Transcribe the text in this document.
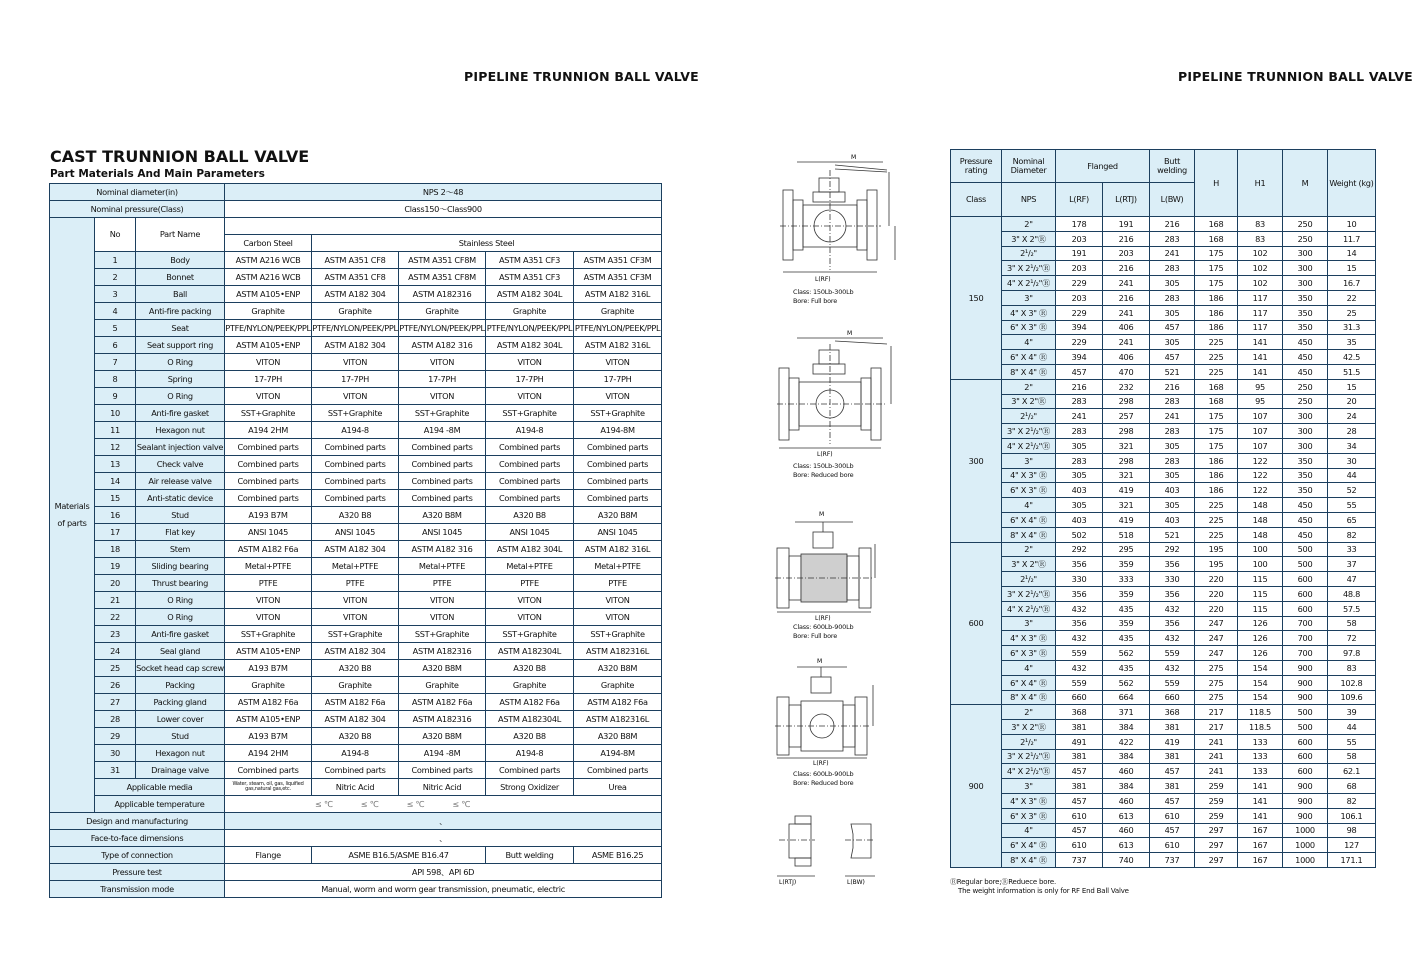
PIPELINE TRUNNION BALL VALVE	PIPELINE TRUNNION BALL VALVE
CAST TRUNNION BALL VALVE
Part Materials And Main Parameters
Nominal diameter(in)			NPS 2〜48				
Nominal pressure(Class)			Class150〜Class900				
Materials of parts	No	Part Name					
			Carbon Steel	Stainless Steel			
	1	Body	ASTM A216 WCB	ASTM A351 CF8	ASTM A351 CF8M	ASTM A351 CF3	ASTM A351 CF3M
	2	Bonnet	ASTM A216 WCB	ASTM A351 CF8	ASTM A351 CF8M	ASTM A351 CF3	ASTM A351 CF3M
	3	Ball	ASTM A105•ENP	ASTM A182 304	ASTM A182316	ASTM A182 304L	ASTM A182 316L
	4	Anti-fire packing	Graphite	Graphite	Graphite	Graphite	Graphite
	5	Seat	PTFE/NYLON/PEEK/PPL	PTFE/NYLON/PEEK/PPL	PTFE/NYLON/PEEK/PPL	PTFE/NYLON/PEEK/PPL	PTFE/NYLON/PEEK/PPL
	6	Seat support ring	ASTM A105•ENP	ASTM A182 304	ASTM A182 316	ASTM A182 304L	ASTM A182 316L
	7	O Ring	VITON	VITON	VITON	VITON	VITON
	8	Spring	17-7PH	17-7PH	17-7PH	17-7PH	17-7PH
	9	O Ring	VITON	VITON	VITON	VITON	VITON
	10	Anti-fire gasket	SST+Graphite	SST+Graphite	SST+Graphite	SST+Graphite	SST+Graphite
	11	Hexagon nut	A194 2HM	A194-8	A194 -8M	A194-8	A194-8M
	12	Sealant injection valve	Combined parts	Combined parts	Combined parts	Combined parts	Combined parts
	13	Check valve	Combined parts	Combined parts	Combined parts	Combined parts	Combined parts
	14	Air release valve	Combined parts	Combined parts	Combined parts	Combined parts	Combined parts
	15	Anti-static device	Combined parts	Combined parts	Combined parts	Combined parts	Combined parts
	16	Stud	A193 B7M	A320 B8	A320 B8M	A320 B8	A320 B8M
	17	Flat key	ANSI 1045	ANSI 1045	ANSI 1045	ANSI 1045	ANSI 1045
	18	Stem	ASTM A182 F6a	ASTM A182 304	ASTM A182 316	ASTM A182 304L	ASTM A182 316L
	19	Sliding bearing	Metal+PTFE	Metal+PTFE	Metal+PTFE	Metal+PTFE	Metal+PTFE
	20	Thrust bearing	PTFE	PTFE	PTFE	PTFE	PTFE
	21	O Ring	VITON	VITON	VITON	VITON	VITON
	22	O Ring	VITON	VITON	VITON	VITON	VITON
	23	Anti-fire gasket	SST+Graphite	SST+Graphite	SST+Graphite	SST+Graphite	SST+Graphite
	24	Seal gland	ASTM A105•ENP	ASTM A182 304	ASTM A182316	ASTM A182304L	ASTM A182316L
	25	Socket head cap screw	A193 B7M	A320 B8	A320 B8M	A320 B8	A320 B8M
	26	Packing	Graphite	Graphite	Graphite	Graphite	Graphite
	27	Packing gland	ASTM A182 F6a	ASTM A182 F6a	ASTM A182 F6a	ASTM A182 F6a	ASTM A182 F6a
	28	Lower cover	ASTM A105•ENP	ASTM A182 304	ASTM A182316	ASTM A182304L	ASTM A182316L
	29	Stud	A193 B7M	A320 B8	A320 B8M	A320 B8	A320 B8M
	30	Hexagon nut	A194 2HM	A194-8	A194 -8M	A194-8	A194-8M
	31	Drainage valve	Combined parts	Combined parts	Combined parts	Combined parts	Combined parts
	Applicable media		Water, steam, oil, gas, liquified gas,natural gas,etc.	Nitric Acid	Nitric Acid	Strong Oxidizer	Urea
	Applicable temperature		≤ ℃ ≤ ℃ ≤ ℃ ≤ ℃				
Design and manufacturing			、				
Face-to-face dimensions			、				
Type of connection			Flange	ASME B16.5/ASME B16.47		Butt welding	ASME B16.25
Pressure test			API 598、API 6D				
Transmission mode			Manual, worm and worm gear transmission, pneumatic, electric				
Pressure rating	Nominal Diameter	Flanged		Butt welding	H	H1	M	Weight (kg)
Class	NPS	L(RF)	L(RTJ)	L(BW)				
150	2"	178	191	216	168	83	250	10
	3" X 2"Ⓡ	203	216	283	168	83	250	11.7
	2¹/₂"	191	203	241	175	102	300	14
	3" X 2¹/₂"Ⓡ	203	216	283	175	102	300	15
	4" X 2¹/₂"Ⓡ	229	241	305	175	102	300	16.7
	3"	203	216	283	186	117	350	22
	4" X 3" Ⓡ	229	241	305	186	117	350	25
	6" X 3" Ⓡ	394	406	457	186	117	350	31.3
	4"	229	241	305	225	141	450	35
	6" X 4" Ⓡ	394	406	457	225	141	450	42.5
	8" X 4" Ⓡ	457	470	521	225	141	450	51.5
300	2"	216	232	216	168	95	250	15
	3" X 2"Ⓡ	283	298	283	168	95	250	20
	2¹/₂"	241	257	241	175	107	300	24
	3" X 2¹/₂"Ⓡ	283	298	283	175	107	300	28
	4" X 2¹/₂"Ⓡ	305	321	305	175	107	300	34
	3"	283	298	283	186	122	350	30
	4" X 3" Ⓡ	305	321	305	186	122	350	44
	6" X 3" Ⓡ	403	419	403	186	122	350	52
	4"	305	321	305	225	148	450	55
	6" X 4" Ⓡ	403	419	403	225	148	450	65
	8" X 4" Ⓡ	502	518	521	225	148	450	82
600	2"	292	295	292	195	100	500	33
	3" X 2"Ⓡ	356	359	356	195	100	500	37
	2¹/₂"	330	333	330	220	115	600	47
	3" X 2¹/₂"Ⓡ	356	359	356	220	115	600	48.8
	4" X 2¹/₂"Ⓡ	432	435	432	220	115	600	57.5
	3"	356	359	356	247	126	700	58
	4" X 3" Ⓡ	432	435	432	247	126	700	72
	6" X 3" Ⓡ	559	562	559	247	126	700	97.8
	4"	432	435	432	275	154	900	83
	6" X 4" Ⓡ	559	562	559	275	154	900	102.8
	8" X 4" Ⓡ	660	664	660	275	154	900	109.6
900	2"	368	371	368	217	118.5	500	39
	3" X 2"Ⓡ	381	384	381	217	118.5	500	44
	2¹/₂"	491	422	419	241	133	600	55
	3" X 2¹/₂"Ⓡ	381	384	381	241	133	600	58
	4" X 2¹/₂"Ⓡ	457	460	457	241	133	600	62.1
	3"	381	384	381	259	141	900	68
	4" X 3" Ⓡ	457	460	457	259	141	900	82
	6" X 3" Ⓡ	610	613	610	259	141	900	106.1
	4"	457	460	457	297	167	1000	98
	6" X 4" Ⓡ	610	613	610	297	167	1000	127
	8" X 4" Ⓡ	737	740	737	297	167	1000	171.1
ⓇRegular bore;ⓇReduece bore.
The weight information is only for RF End Ball Valve
M
L(RF)
Class: 150Lb-300Lb
Bore: Full bore
M
L(RF)
Class: 150Lb-300Lb
Bore: Reduced bore
M
L(RF)
Class: 600Lb-900Lb
Bore: Full bore
M
L(RF)
Class: 600Lb-900Lb
Bore: Reduced bore
L(RTJ)	L(BW)
